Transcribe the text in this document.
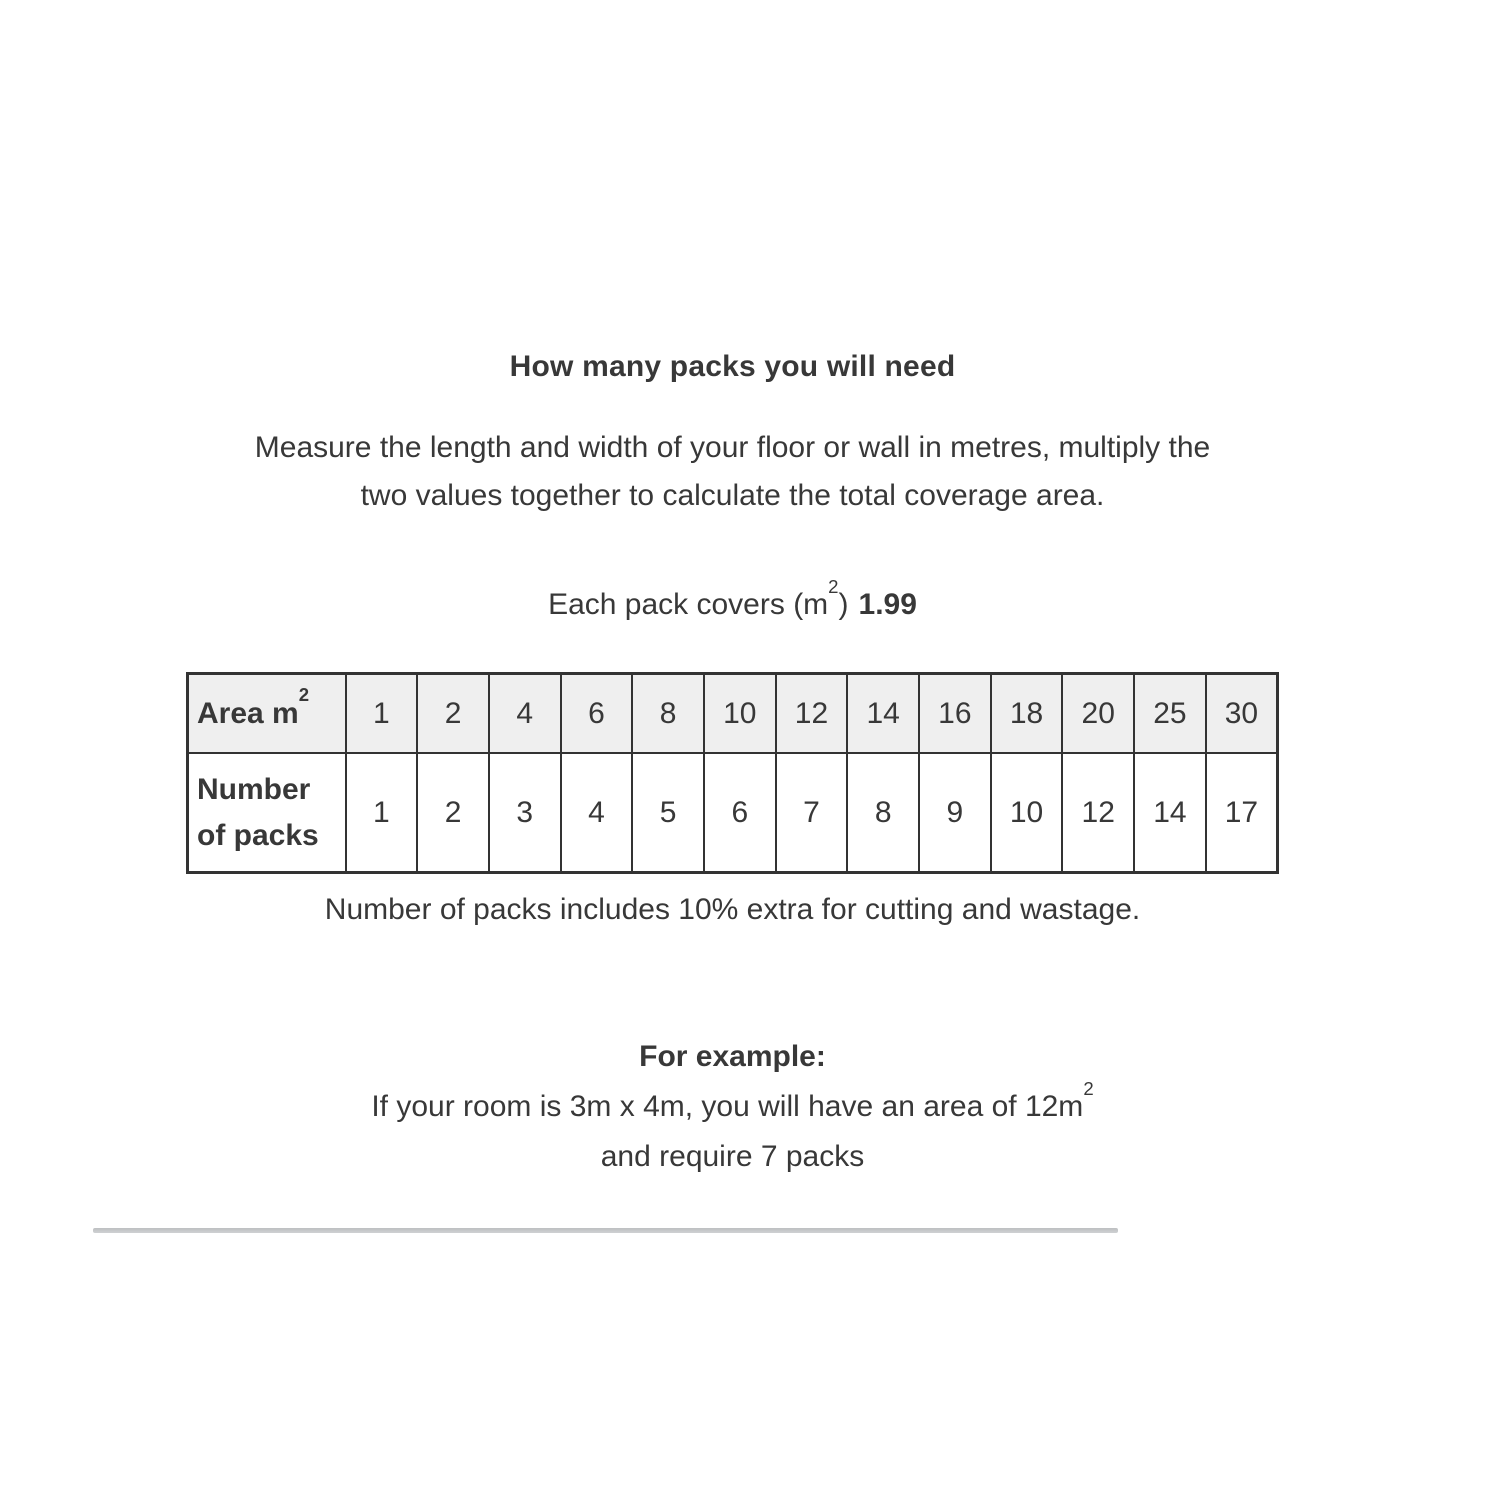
How many packs you will need
Measure the length and width of your floor or wall in metres, multiply the
two values together to calculate the total coverage area.
Each pack covers $(m^2)$ 1.99
Area $m^2$	1	2	4	6	8	10	12	14	16	18	20	25	30
Number of packs	1	2	3	4	5	6	7	8	9	10	12	14	17
Number of packs includes 10% extra for cutting and wastage.
For example:
If your room is 3m x 4m, you will have an area of $12m^2$
and require 7 packs
